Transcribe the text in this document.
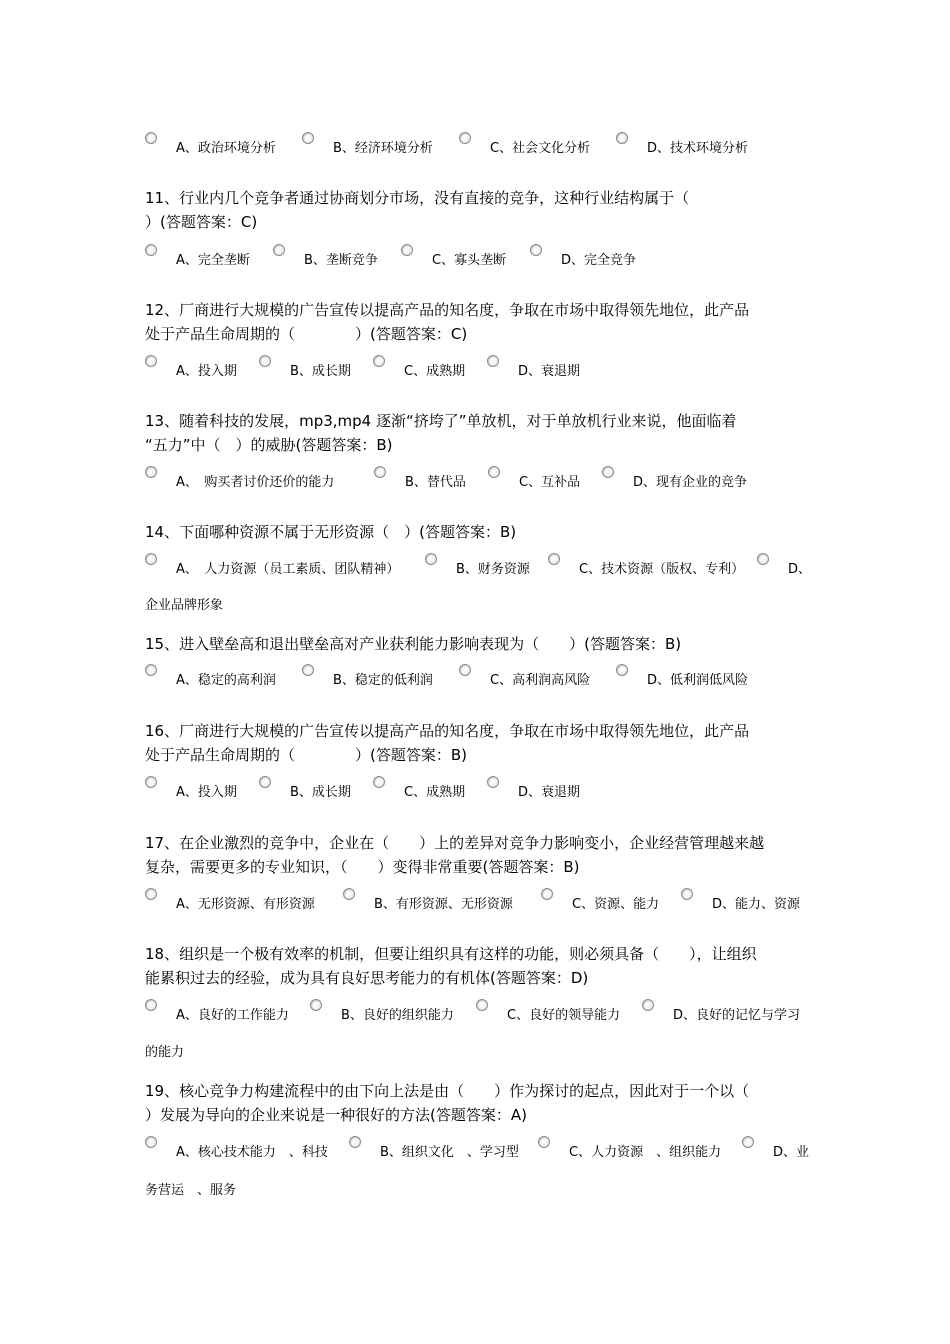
A、政治环境分析	B、经济环境分析	C、社会文化分析	D、技术环境分析
11、行业内几个竞争者通过协商划分市场，没有直接的竞争，这种行业结构属于（
）(答题答案：C)
A、完全垄断	B、垄断竞争	C、寡头垄断	D、完全竞争
12、厂商进行大规模的广告宣传以提高产品的知名度，争取在市场中取得领先地位，此产品
处于产品生命周期的（　　　　）(答题答案：C)
A、投入期	B、成长期	C、成熟期	D、衰退期
13、随着科技的发展，mp3,mp4 逐渐“挤垮了”单放机，对于单放机行业来说，他面临着
“五力”中（　）的威胁(答题答案：B)
A、　购买者讨价还价的能力	B、替代品	C、互补品	D、现有企业的竞争
14、下面哪种资源不属于无形资源（　）(答题答案：B)
A、　人力资源（员工素质、团队精神）	B、财务资源	C、技术资源（版权、专利）	D、
企业品牌形象
15、进入壁垒高和退出壁垒高对产业获利能力影响表现为（　　）(答题答案：B)
A、稳定的高利润	B、稳定的低利润	C、高利润高风险	D、低利润低风险
16、厂商进行大规模的广告宣传以提高产品的知名度，争取在市场中取得领先地位，此产品
处于产品生命周期的（　　　　）(答题答案：B)
A、投入期	B、成长期	C、成熟期	D、衰退期
17、在企业激烈的竞争中，企业在（　　）上的差异对竞争力影响变小，企业经营管理越来越
复杂，需要更多的专业知识，（　　）变得非常重要(答题答案：B)
A、无形资源、有形资源	B、有形资源、无形资源	C、资源、能力	D、能力、资源
18、组织是一个极有效率的机制，但要让组织具有这样的功能，则必须具备（　　），让组织
能累积过去的经验，成为具有良好思考能力的有机体(答题答案：D)
A、良好的工作能力	B、良好的组织能力	C、良好的领导能力	D、良好的记忆与学习
的能力
19、核心竞争力构建流程中的由下向上法是由（　　）作为探讨的起点，因此对于一个以（
）发展为导向的企业来说是一种很好的方法(答题答案：A)
A、核心技术能力　、科技	B、组织文化　、学习型	C、人力资源　、组织能力	D、业
务营运　、服务
